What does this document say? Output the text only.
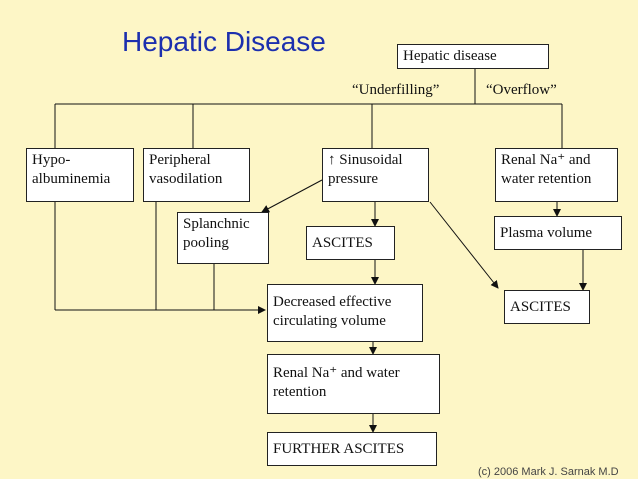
Hepatic Disease	Hepatic disease
“Underfilling”	“Overflow”
Hypo-
albuminemia
Peripheral
vasodilation
↑ Sinusoidal
pressure
Renal Na⁺ and
water retention
Splanchnic
pooling	ASCITES
Plasma volume
Decreased effective
circulating volume
ASCITES
Renal Na⁺ and water
retention
FURTHER ASCITES
(c) 2006 Mark J. Sarnak M.D
